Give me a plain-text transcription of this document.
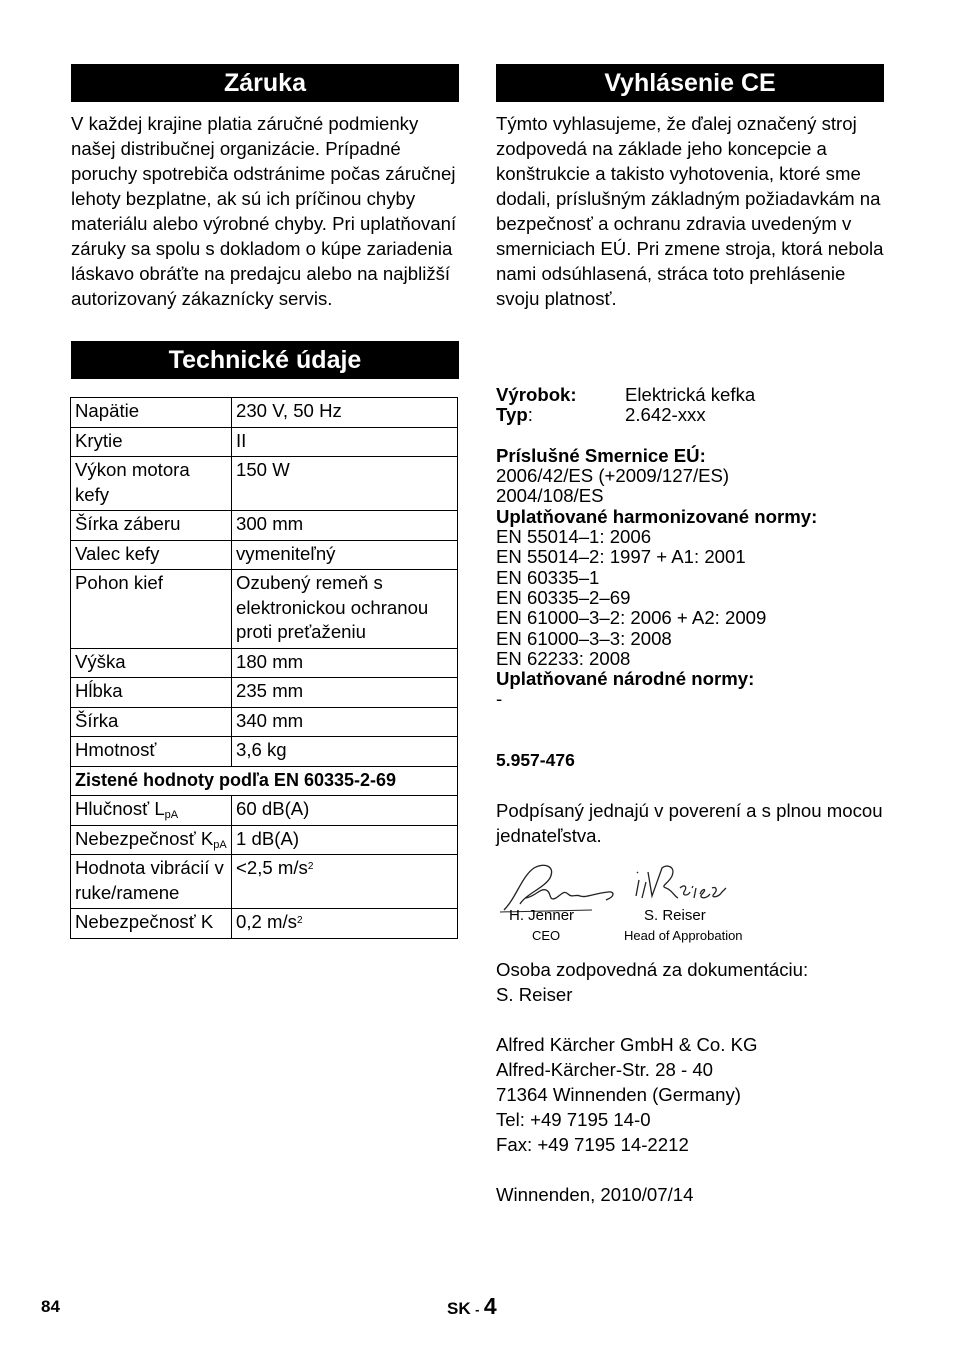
Záruka
V každej krajine platia záručné podmienky našej distribučnej organizácie. Prípadné poruchy spotrebiča odstránime počas záručnej lehoty bezplatne, ak sú ich príčinou chyby materiálu alebo výrobné chyby. Pri uplatňovaní záruky sa spolu s dokladom o kúpe zariadenia láskavo obráťte na predajcu alebo na najbližší autorizovaný zákaznícky servis.
Technické údaje
Napätie	230 V, 50 Hz
Krytie	II
Výkon motora kefy	150 W
Šírka záberu	300 mm
Valec kefy	vymeniteľný
Pohon kief	Ozubený remeň s elektronickou ochranou proti preťaženiu
Výška	180 mm
Hĺbka	235 mm
Šírka	340 mm
Hmotnosť	3,6 kg
Zistené hodnoty podľa EN 60335-2-69	
Hlučnosť $L_{pA}$	60 dB(A)
Nebezpečnosť $K_{pA}$	1 dB(A)
Hodnota vibrácií v ruke/ramene	<2,5 $m/s^2$
Nebezpečnosť K	0,2 $m/s^2$
Vyhlásenie CE
Týmto vyhlasujeme, že ďalej označený stroj zodpovedá na základe jeho koncepcie a konštrukcie a takisto vyhotovenia, ktoré sme dodali, príslušným základným požiadavkám na bezpečnosť a ochranu zdravia uvedeným v smerniciach EÚ. Pri zmene stroja, ktorá nebola nami odsúhlasená, stráca toto prehlásenie svoju platnosť.
Výrobok:	Elektrická kefka
Typ:	2.642-xxx
Príslušné Smernice EÚ:
2006/42/ES (+2009/127/ES)
2004/108/ES
Uplatňované harmonizované normy:
EN 55014–1: 2006
EN 55014–2: 1997 + A1: 2001
EN 60335–1
EN 60335–2–69
EN 61000–3–2: 2006 + A2: 2009
EN 61000–3–3: 2008
EN 62233: 2008
Uplatňované národné normy:
-
5.957-476
Podpísaný jednajú v poverení a s plnou mocou jednateľstva.
H. Jenner
CEO
S. Reiser
Head of Approbation
Osoba zodpovedná za dokumentáciu:
S. Reiser
Alfred Kärcher GmbH & Co. KG
Alfred-Kärcher-Str. 28 - 40
71364 Winnenden (Germany)
Tel: +49 7195 14-0
Fax: +49 7195 14-2212
Winnenden, 2010/07/14
84	SK - 4
